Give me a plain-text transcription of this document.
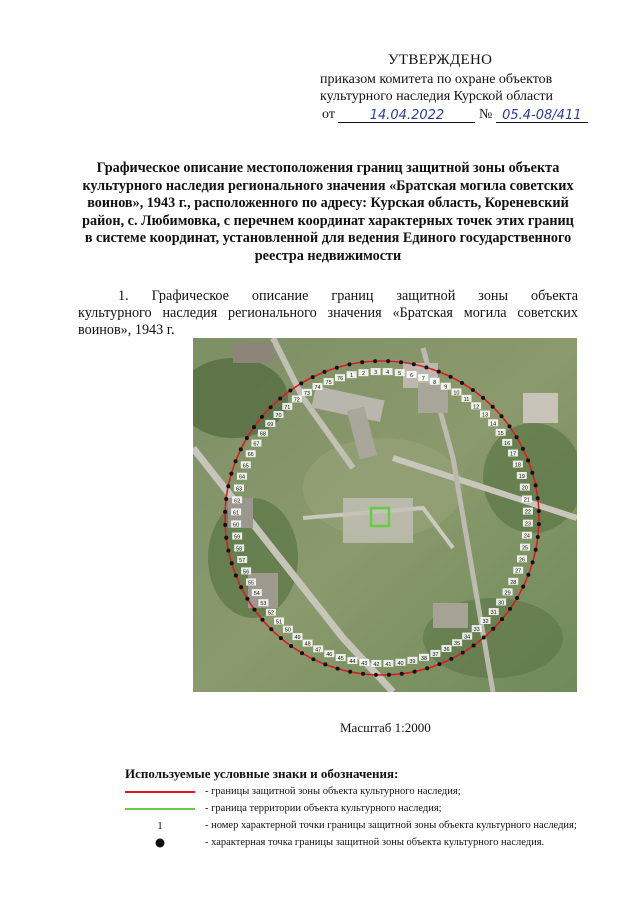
УТВЕРЖДЕНО
приказом комитета по охране объектов
культурного наследия Курской области
от	14.04.2022 № 05.4-08/411
Графическое описание местоположения границ защитной зоны объекта культурного наследия регионального значения «Братская могила советских воинов», 1943 г., расположенного по адресу: Курская область, Кореневский район, с. Любимовка, с перечнем координат характерных точек этих границ в системе координат, установленной для ведения Единого государственного реестра недвижимости
1. Графическое описание границ защитной зоны объекта
культурного наследия регионального значения «Братская могила советских воинов», 1943 г.
1 2 3 4 5 6 7
8
9
10
11
12
13
14
15
16
17
18
19
20
21
22
23
24
25
26
27
28
29
30
31
32
33
34
35
36
37
38
39
40
41
42
43
44
45
46
47
48
49
50
51
52
53
54
55
56
57
58
59
60
61
62
63
64
65
66
67
68
69
70
71
72
73
74
75
76
Масштаб 1:2000
Используемые условные знаки и обозначения:
- границы защитной зоны объекта культурного наследия;
- граница территории объекта культурного наследия;
1	- номер характерной точки границы защитной зоны объекта культурного наследия;
- характерная точка границы защитной зоны объекта культурного наследия.
